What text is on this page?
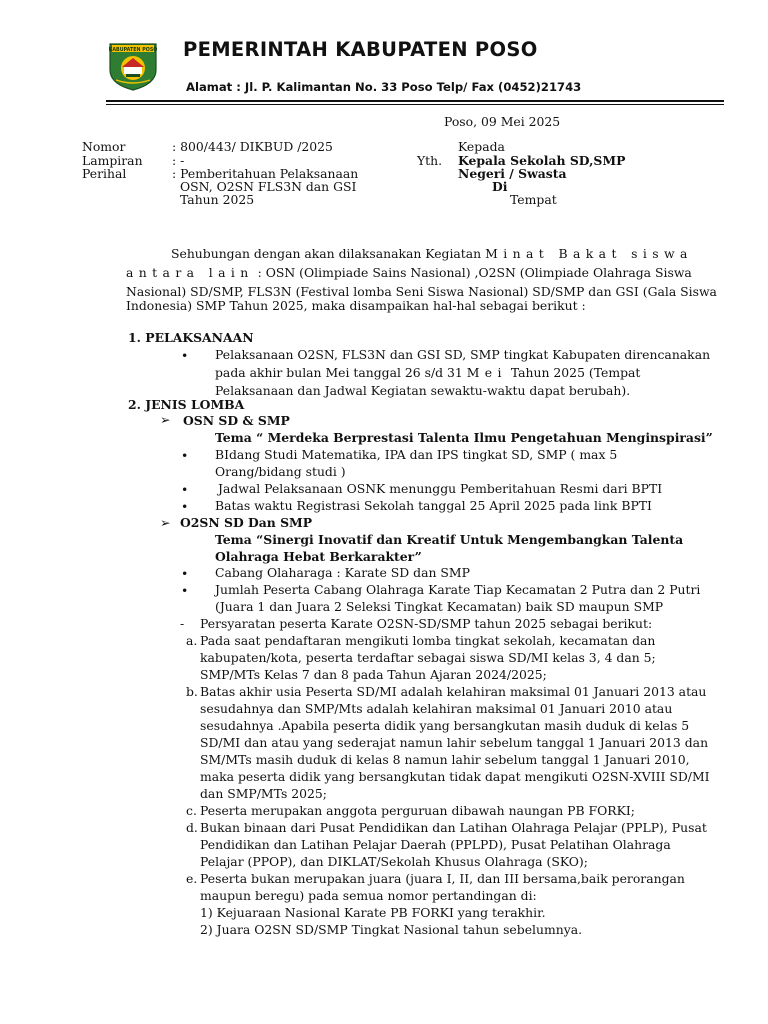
KABUPATEN POSO PEMERINTAH KABUPATEN POSO
Alamat : Jl. P. Kalimantan No. 33 Poso Telp/ Fax (0452)21743
Poso, 09 Mei 2025
Nomor	: 800/443/ DIKBUD /2025
Lampiran : -
Perihal	: Pemberitahuan Pelaksanaan
OSN, O2SN FLS3N dan GSI
Tahun 2025
Kepada
Yth. Kepala Sekolah SD,SMP
Negeri / Swasta
Di
Tempat
Sehubungan dengan akan dilaksanakan Kegiatan Minat Bakat siswa
antara lain : OSN (Olimpiade Sains Nasional) ,O2SN (Olimpiade Olahraga Siswa
Nasional) SD/SMP, FLS3N (Festival lomba Seni Siswa Nasional) SD/SMP dan GSI (Gala Siswa
Indonesia) SMP Tahun 2025, maka disampaikan hal-hal sebagai berikut :
1. PELAKSANAAN
• Pelaksanaan O2SN, FLS3N dan GSI SD, SMP tingkat Kabupaten direncanakan
pada akhir bulan Mei tanggal 26 s/d 31 Mei Tahun 2025 (Tempat
Pelaksanaan dan Jadwal Kegiatan sewaktu-waktu dapat berubah).
2. JENIS LOMBA
➢ OSN SD & SMP
Tema “ Merdeka Berprestasi Talenta Ilmu Pengetahuan Menginspirasi”
• BIdang Studi Matematika, IPA dan IPS tingkat SD, SMP ( max 5
Orang/bidang studi )
• Jadwal Pelaksanaan OSNK menunggu Pemberitahuan Resmi dari BPTI
• Batas waktu Registrasi Sekolah tanggal 25 April 2025 pada link BPTI
➢ O2SN SD Dan SMP
Tema “Sinergi Inovatif dan Kreatif Untuk Mengembangkan Talenta
Olahraga Hebat Berkarakter”
• Cabang Olaharaga : Karate SD dan SMP
• Jumlah Peserta Cabang Olahraga Karate Tiap Kecamatan 2 Putra dan 2 Putri
(Juara 1 dan Juara 2 Seleksi Tingkat Kecamatan) baik SD maupun SMP
- Persyaratan peserta Karate O2SN-SD/SMP tahun 2025 sebagai berikut:
a. Pada saat pendaftaran mengikuti lomba tingkat sekolah, kecamatan dan
kabupaten/kota, peserta terdaftar sebagai siswa SD/MI kelas 3, 4 dan 5;
SMP/MTs Kelas 7 dan 8 pada Tahun Ajaran 2024/2025;
b. Batas akhir usia Peserta SD/MI adalah kelahiran maksimal 01 Januari 2013 atau
sesudahnya dan SMP/Mts adalah kelahiran maksimal 01 Januari 2010 atau
sesudahnya .Apabila peserta didik yang bersangkutan masih duduk di kelas 5
SD/MI dan atau yang sederajat namun lahir sebelum tanggal 1 Januari 2013 dan
SM/MTs masih duduk di kelas 8 namun lahir sebelum tanggal 1 Januari 2010,
maka peserta didik yang bersangkutan tidak dapat mengikuti O2SN-XVIII SD/MI
dan SMP/MTs 2025;
c. Peserta merupakan anggota perguruan dibawah naungan PB FORKI;
d. Bukan binaan dari Pusat Pendidikan dan Latihan Olahraga Pelajar (PPLP), Pusat
Pendidikan dan Latihan Pelajar Daerah (PPLPD), Pusat Pelatihan Olahraga
Pelajar (PPOP), dan DIKLAT/Sekolah Khusus Olahraga (SKO);
e. Peserta bukan merupakan juara (juara I, II, dan III bersama,baik perorangan
maupun beregu) pada semua nomor pertandingan di:
1) Kejuaraan Nasional Karate PB FORKI yang terakhir.
2) Juara O2SN SD/SMP Tingkat Nasional tahun sebelumnya.
